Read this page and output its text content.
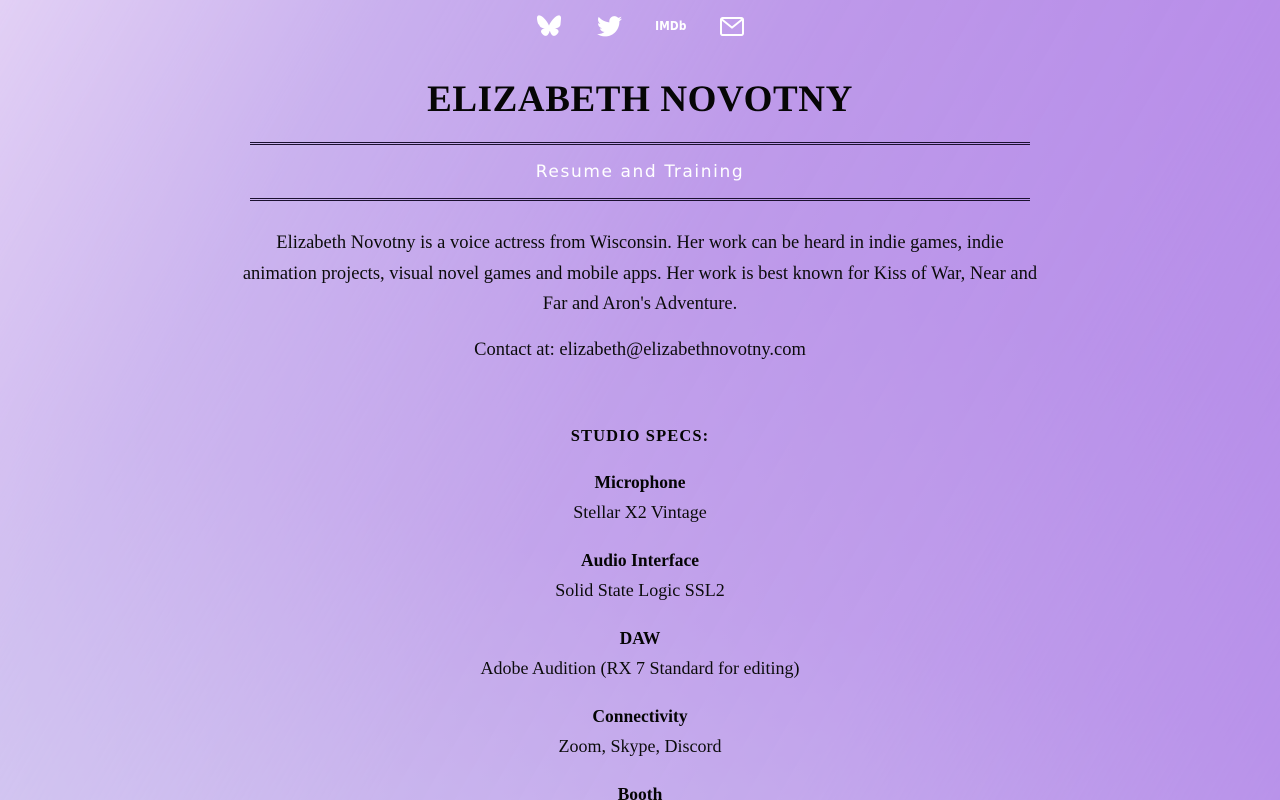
IMDb
ELIZABETH NOVOTNY

Resume and Training

Elizabeth Novotny is a voice actress from Wisconsin. Her work can be heard in indie games, indie animation projects, visual novel games and mobile apps. Her work is best known for Kiss of War, Near and Far and Aron's Adventure.

Contact at: elizabeth@elizabethnovotny.com

STUDIO SPECS:

Microphone

Stellar X2 Vintage

Audio Interface

Solid State Logic SSL2

DAW

Adobe Audition (RX 7 Standard for editing)

Connectivity

Zoom, Skype, Discord

Booth
